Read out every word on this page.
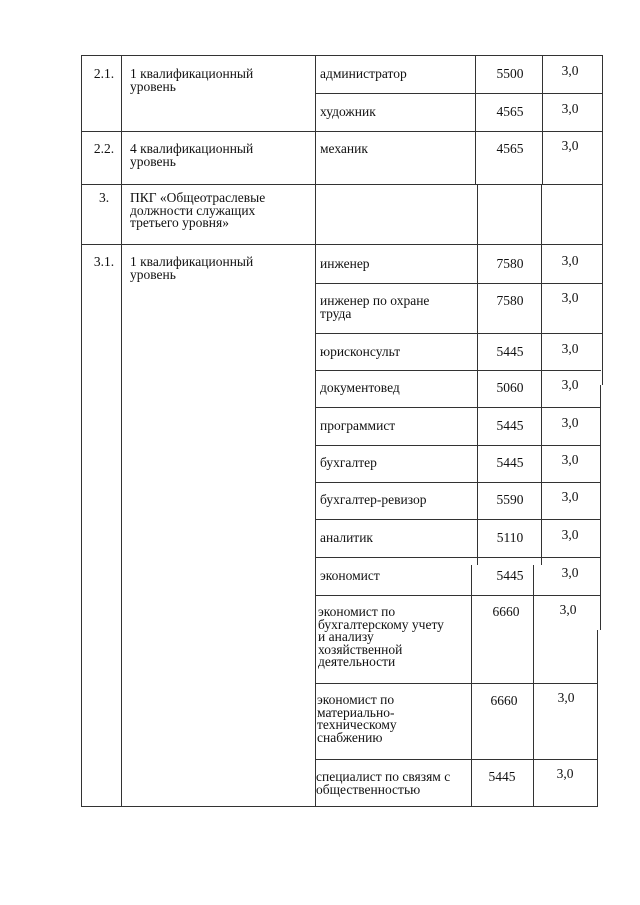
2.1.	1 квалификационный
уровень
администратор	5500	3,0
художник	4565	3,0
2.2.	4 квалификационный
уровень
механик	4565	3,0
3.	ПКГ «Общеотраслевые
должности служащих
третьего уровня»
3.1.	1 квалификационный
уровень
инженер	7580	3,0
инженер по охране
труда
7580	3,0
юрисконсульт	5445	3,0
документовед	5060	3,0
программист	5445	3,0
бухгалтер	5445	3,0
бухгалтер-ревизор	5590	3,0
аналитик	5110	3,0
экономист	5445	3,0
экономист по
бухгалтерскому учету
и анализу
хозяйственной
деятельности
6660	3,0
экономист по
материально-
техническому
снабжению
6660	3,0
специалист по связям с
общественностью
5445	3,0
